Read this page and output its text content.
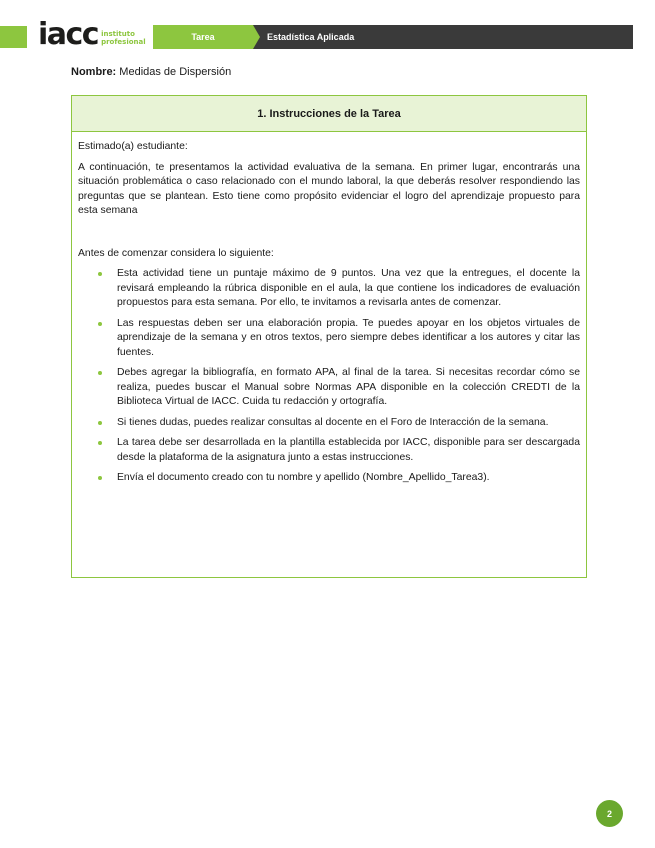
iacc instituto
profesional	Tarea	Estadística Aplicada
Nombre: Medidas de Dispersión
1. Instrucciones de la Tarea

Estimado(a) estudiante:

A continuación, te presentamos la actividad evaluativa de la semana. En primer lugar, encontrarás una situación problemática o caso relacionado con el mundo laboral, la que deberás resolver respondiendo las preguntas que se plantean. Esto tiene como propósito evidenciar el logro del aprendizaje propuesto para esta semana

Antes de comenzar considera lo siguiente:

Esta actividad tiene un puntaje máximo de 9 puntos. Una vez que la entregues, el docente la revisará empleando la rúbrica disponible en el aula, la que contiene los indicadores de evaluación propuestos para esta semana. Por ello, te invitamos a revisarla antes de comenzar.
Las respuestas deben ser una elaboración propia. Te puedes apoyar en los objetos virtuales de aprendizaje de la semana y en otros textos, pero siempre debes identificar a los autores y citar las fuentes.
Debes agregar la bibliografía, en formato APA, al final de la tarea. Si necesitas recordar cómo se realiza, puedes buscar el Manual sobre Normas APA disponible en la colección CREDTI de la Biblioteca Virtual de IACC. Cuida tu redacción y ortografía.
Si tienes dudas, puedes realizar consultas al docente en el Foro de Interacción de la semana.
La tarea debe ser desarrollada en la plantilla establecida por IACC, disponible para ser descargada desde la plataforma de la asignatura junto a estas instrucciones.
Envía el documento creado con tu nombre y apellido (Nombre_Apellido_Tarea3).
2
